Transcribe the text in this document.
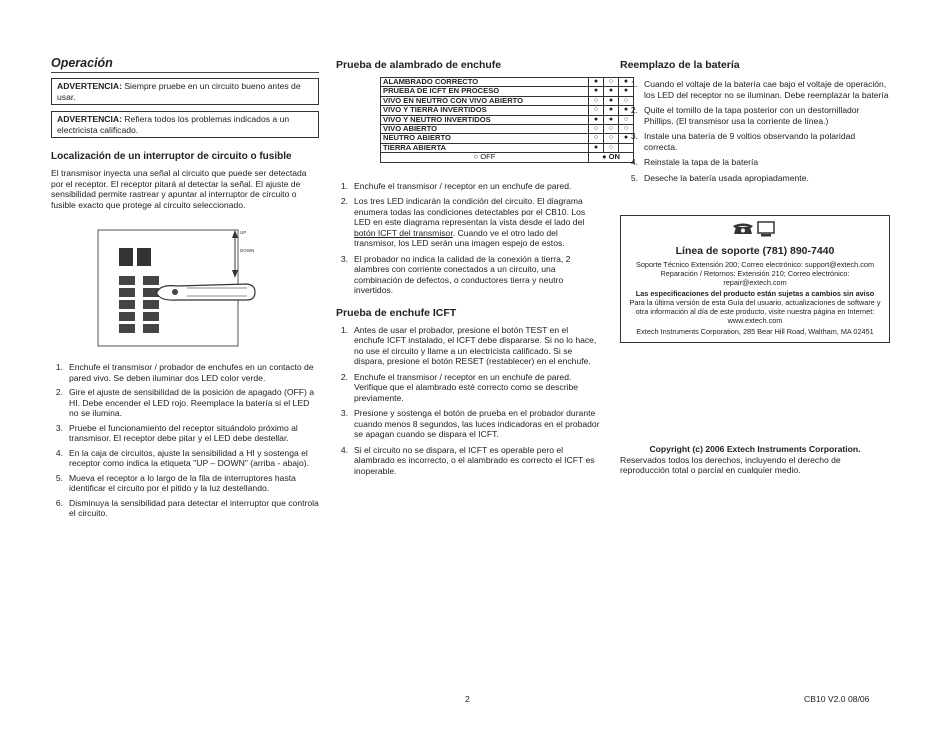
Operación
ADVERTENCIA: Siempre pruebe en un circuito bueno antes de usar.
ADVERTENCIA: Refiera todos los problemas indicados a un electricista calificado.
Localización de un interruptor de circuito o fusible

El transmisor inyecta una señal al circuito que puede ser detectada por el receptor. El receptor pitará al detectar la señal. El ajuste de sensibilidad permite rastrear y apuntar al interruptor de circuito o fusible exacto que protege al circuito seleccionado.

UP
DOWN
1. Enchufe el transmisor / probador de enchufes en un contacto de pared vivo. Se deben iluminar dos LED color verde.
2. Gire el ajuste de sensibilidad de la posición de apagado (OFF) a HI. Debe encender el LED rojo. Reemplace la batería si el LED no se ilumina.
3. Pruebe el funcionamiento del receptor situándolo próximo al transmisor. El receptor debe pitar y el LED debe destellar.
4. En la caja de circuitos, ajuste la sensibilidad a HI y sostenga el receptor como indica la etiqueta "UP – DOWN" (arriba - abajo).
5. Mueva el receptor a lo largo de la fila de interruptores hasta identificar el circuito por el pitido y la luz destellando.
6. Disminuya la sensibilidad para detectar el interruptor que controla el circuito.
Prueba de alambrado de enchufe
ALAMBRADO CORRECTO	●	○	●
PRUEBA DE ICFT EN PROCESO	●	●	●
VIVO EN NEUTRO CON VIVO ABIERTO	○	●	○
VIVO Y TIERRA INVERTIDOS	○	●	●
VIVO Y NEUTRO INVERTIDOS	●	●	○
VIVO ABIERTO	○	○	○
NEUTRO ABIERTO	○	○	●
TIERRA ABIERTA	●	○	
○ OFF	● ON		
1. Enchufe el transmisor / receptor en un enchufe de pared.
2. Los tres LED indicarán la condición del circuito. El diagrama enumera todas las condiciones detectables por el CB10. Los LED en este diagrama representan la vista desde el lado del botón ICFT del transmisor. Cuando ve el otro lado del transmisor, los LED serán una imagen espejo de estos.
3. El probador no indica la calidad de la conexión a tierra, 2 alambres con corriente conectados a un circuito, una combinación de defectos, o conductores tierra y neutro invertidos.
Prueba de enchufe ICFT
1. Antes de usar el probador, presione el botón TEST en el enchufe ICFT instalado, el ICFT debe dispararse. Si no lo hace, no use el circuito y llame a un electricista calificado. Si se dispara, presione el botón RESET (restablecer) en el enchufe.
2. Enchufe el transmisor / receptor en un enchufe de pared. Verifique que el alambrado esté correcto como se describe previamente.
3. Presione y sostenga el botón de prueba en el probador durante cuando menos 8 segundos, las luces indicadoras en el probador se apagan cuando se dispara el ICFT.
4. Si el circuito no se dispara, el ICFT es operable pero el alambrado es incorrecto, o el alambrado es correcto el ICFT es inoperable.
Reemplazo de la batería
1. Cuando el voltaje de la batería cae bajo el voltaje de operación, los LED del receptor no se iluminan. Debe reemplazar la batería
2. Quite el tornillo de la tapa posterior con un destornillador Phillips. (El transmisor usa la corriente de línea.)
3. Instale una batería de 9 voltios observando la polaridad correcta.
4. Reinstale la tapa de la batería
5. Deseche la batería usada apropiadamente.
Línea de soporte (781) 890-7440
Soporte Técnico Extensión 200; Correo electrónico: support@extech.com
Reparación / Retornos: Extensión 210; Correo electrónico: repair@extech.com
Las especificaciones del producto están sujetas a cambios sin aviso
Para la última versión de esta Guía del usuario, actualizaciones de software y otra información al día de este producto, visite nuestra página en Internet: www.extech.com
Extech Instruments Corporation, 285 Bear Hill Road, Waltham, MA 02451
Copyright (c) 2006 Extech Instruments Corporation.

Reservados todos los derechos, incluyendo el derecho de reproducción total o parcial en cualquier medio.

2	CB10 V2.0 08/06
